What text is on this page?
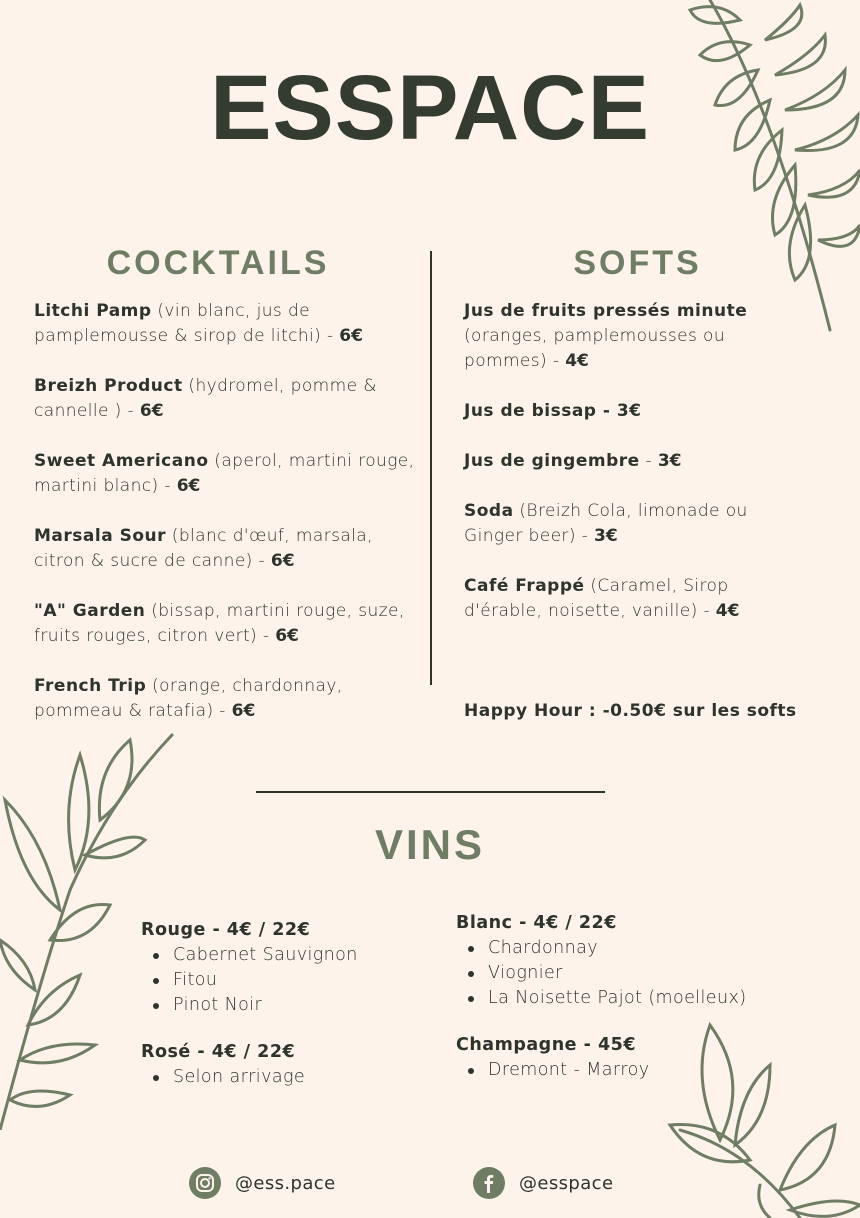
ESSPACE
COCKTAILS
Litchi Pamp (vin blanc, jus de pamplemousse & sirop de litchi) - 6€
Breizh Product (hydromel, pomme & cannelle ) - 6€
Sweet Americano (aperol, martini rouge, martini blanc) - 6€
Marsala Sour (blanc d'œuf, marsala, citron & sucre de canne) - 6€
"A" Garden (bissap, martini rouge, suze, fruits rouges, citron vert) - 6€
French Trip (orange, chardonnay, pommeau & ratafia) - 6€
SOFTS
Jus de fruits pressés minute (oranges, pamplemousses ou pommes) - 4€
Jus de bissap - 3€
Jus de gingembre - 3€
Soda (Breizh Cola, limonade ou Ginger beer) - 3€
Café Frappé (Caramel, Sirop d'érable, noisette, vanille) - 4€
Happy Hour : -0.50€ sur les softs
VINS
Rouge - 4€ / 22€
Cabernet Sauvignon
Fitou
Pinot Noir
Rosé - 4€ / 22€
Selon arrivage
Blanc - 4€ / 22€
Chardonnay
Viognier
La Noisette Pajot (moelleux)
Champagne - 45€
Dremont - Marroy
@ess.pace	@esspace
